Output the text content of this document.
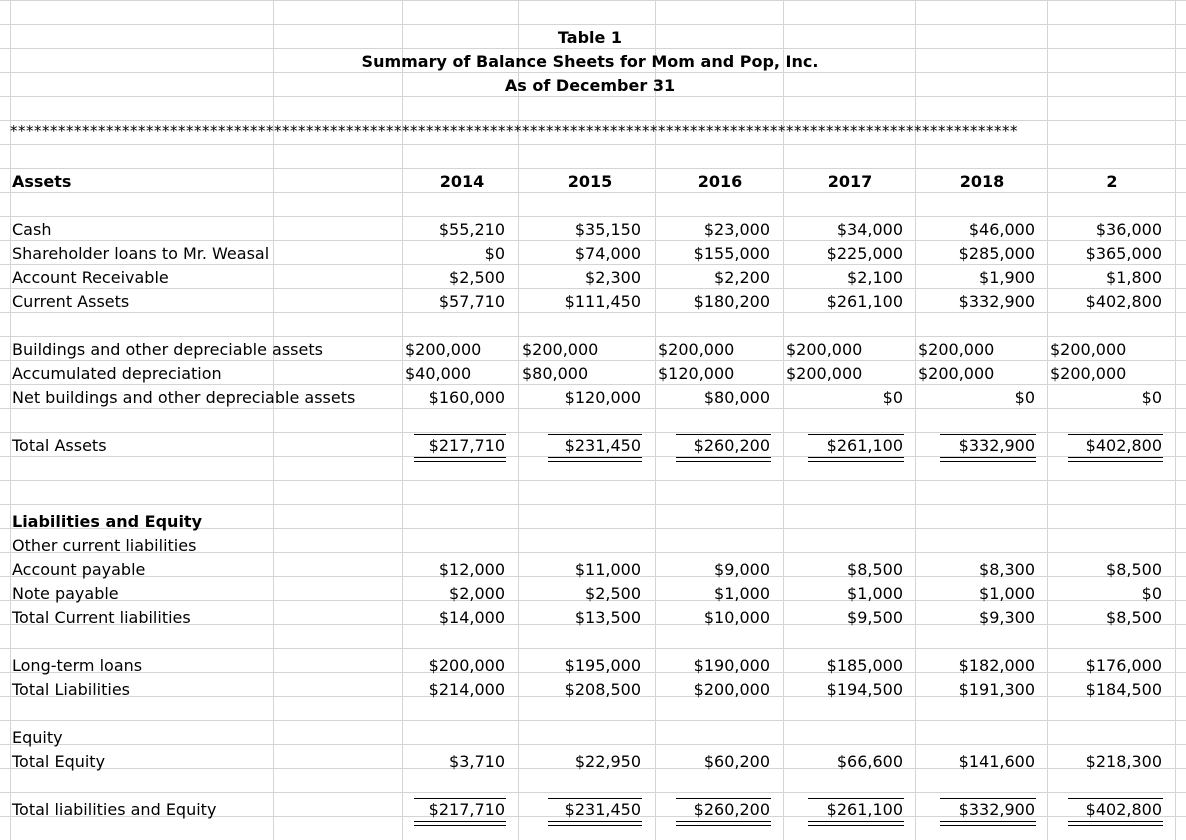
Table 1
Summary of Balance Sheets for Mom and Pop, Inc.
As of December 31
******************************************************************************************************************************
Assets	2014	2015	2016	2017	2018	2
Cash	$55,210	$35,150	$23,000	$34,000	$46,000	$36,000
Shareholder loans to Mr. Weasal	$0	$74,000	$155,000	$225,000	$285,000	$365,000
Account Receivable	$2,500	$2,300	$2,200	$2,100	$1,900	$1,800
Current Assets	$57,710	$111,450	$180,200	$261,100	$332,900	$402,800
Buildings and other depreciable assets	$200,000	$200,000	$200,000	$200,000	$200,000	$200,000
Accumulated depreciation	$40,000	$80,000	$120,000	$200,000	$200,000	$200,000
Net buildings and other depreciable assets	$160,000	$120,000	$80,000	$0	$0	$0
Total Assets	$217,710	$231,450	$260,200	$261,100	$332,900	$402,800
Liabilities and Equity
Other current liabilities
Account payable	$12,000	$11,000	$9,000	$8,500	$8,300	$8,500
Note payable	$2,000	$2,500	$1,000	$1,000	$1,000	$0
Total Current liabilities	$14,000	$13,500	$10,000	$9,500	$9,300	$8,500
Long-term loans	$200,000	$195,000	$190,000	$185,000	$182,000	$176,000
Total Liabilities	$214,000	$208,500	$200,000	$194,500	$191,300	$184,500
Equity
Total Equity	$3,710	$22,950	$60,200	$66,600	$141,600	$218,300
Total liabilities and Equity	$217,710	$231,450	$260,200	$261,100	$332,900	$402,800
